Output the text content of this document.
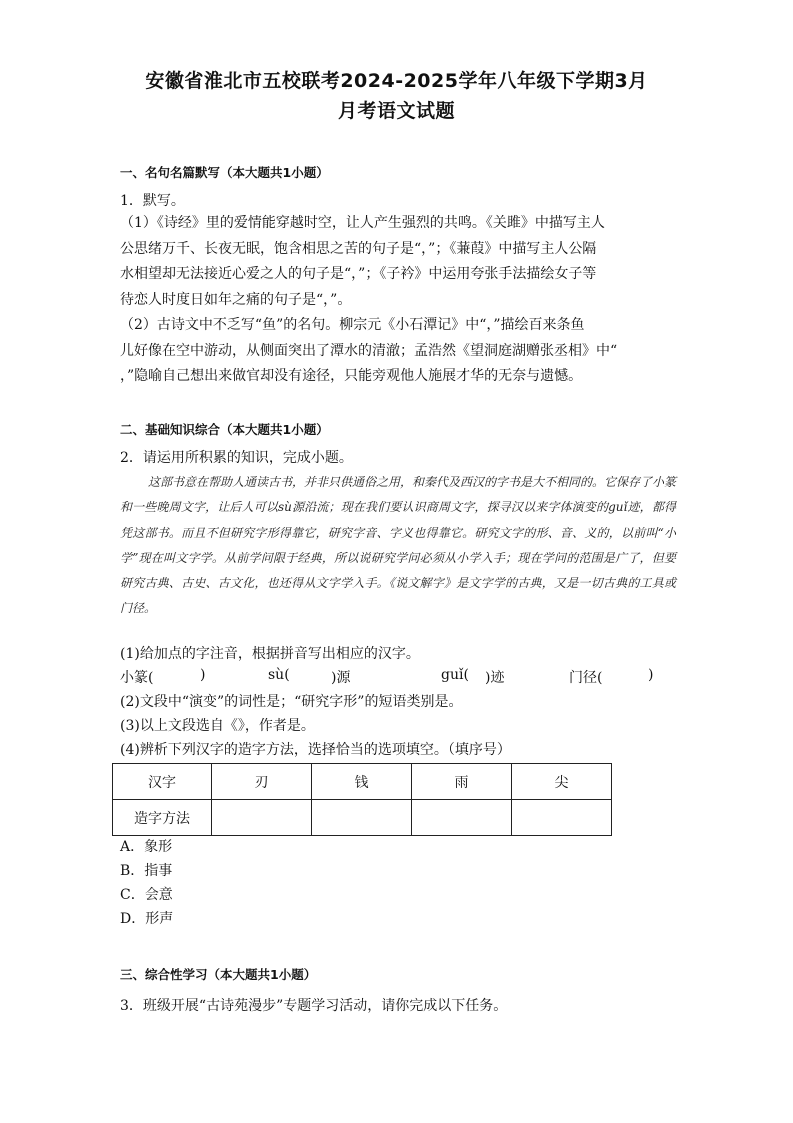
安徽省淮北市五校联考2024-2025学年八年级下学期3月
月考语文试题
一、名句名篇默写（本大题共1小题）
1．默写。

（1）《诗经》里的爱情能穿越时空，让人产生强烈的共鸣。《关雎》中描写主人

公思绪万千、长夜无眠，饱含相思之苦的句子是“，”；《蒹葭》中描写主人公隔

水相望却无法接近心爱之人的句子是“，”；《子衿》中运用夸张手法描绘女子等

待恋人时度日如年之痛的句子是“，”。

（2）古诗文中不乏写“鱼”的名句。柳宗元《小石潭记》中“，”描绘百来条鱼

儿好像在空中游动，从侧面突出了潭水的清澈；孟浩然《望洞庭湖赠张丞相》中“

，”隐喻自己想出来做官却没有途径，只能旁观他人施展才华的无奈与遗憾。

二、基础知识综合（本大题共1小题）
2．请运用所积累的知识，完成小题。
这部书意在帮助人通读古书，并非只供通俗之用，和秦代及西汉的字书是大不相同的。它保存了小篆和一些晚周文字，让后人可以sù源沿流；现在我们要认识商周文字，探寻汉以来字体演变的guǐ迹，都得凭这部书。而且不但研究字形得靠它，研究字音、字义也得靠它。研究文字的形、音、义的，以前叫“小学”现在叫文字学。从前学问限于经典，所以说研究学问必须从小学入手；现在学问的范围是广了，但要研究古典、古史、古文化，也还得从文字学入手。《说文解字》是文字学的古典，又是一切古典的工具或门径。
(1)给加点的字注音，根据拼音写出相应的汉字。
小篆(	)	sù(	)源	guǐ( )迹	门径(	)
(2)文段中“演变”的词性是；“研究字形”的短语类别是。
(3)以上文段选自《》，作者是。
(4)辨析下列汉字的造字方法，选择恰当的选项填空。（填序号）
汉字	刃	钱	雨	尖
造字方法				
A．象形
B．指事
C．会意
D．形声
三、综合性学习（本大题共1小题）
3．班级开展“古诗苑漫步”专题学习活动，请你完成以下任务。
